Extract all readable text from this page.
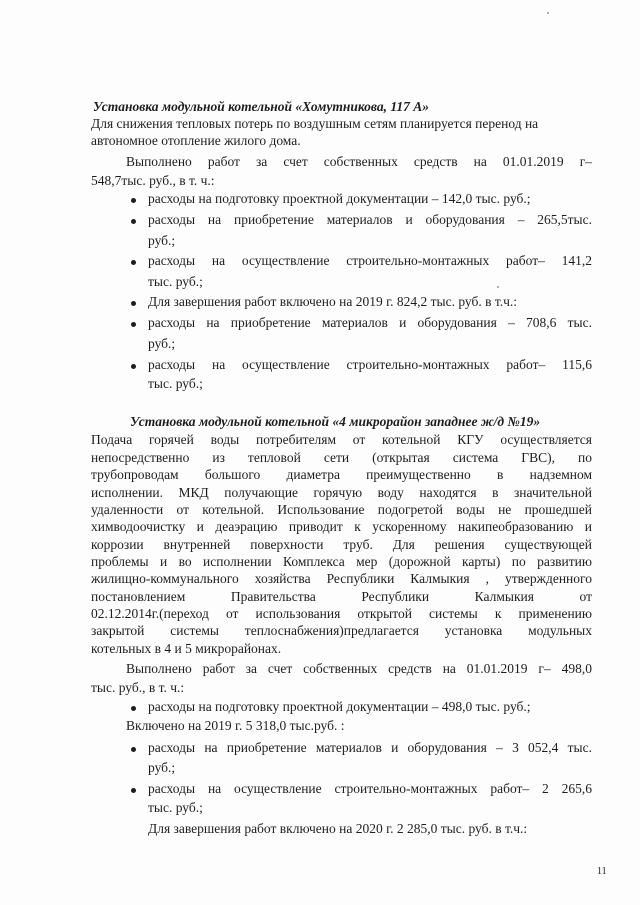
Установка модульной котельной «Хомутникова, 117 А»
Для снижения тепловых потерь по воздушным сетям планируется перенод на
автономное отопление жилого дома.
Выполнено работ за счет собственных средств на 01.01.2019 г–
548,7тыс. руб., в т. ч.:
расходы на подготовку проектной документации – 142,0 тыс. руб.;
расходы на приобретение материалов и оборудования – 265,5тыс.
руб.;
расходы на осуществление строительно-монтажных работ– 141,2
тыс. руб.;
Для завершения работ включено на 2019 г. 824,2 тыс. руб. в т.ч.:
расходы на приобретение материалов и оборудования – 708,6 тыс.
руб.;
расходы на осуществление строительно-монтажных работ– 115,6
тыс. руб.;
Установка модульной котельной «4 микрорайон западнее ж/д №19»
Подача горячей воды потребителям от котельной КГУ осуществляется
непосредственно из тепловой сети (открытая система ГВС), по
трубопроводам большого диаметра преимущественно в надземном
исполнении. МКД получающие горячую воду находятся в значительной
удаленности от котельной. Использование подогретой воды не прошедшей
химводоочистку и деаэрацию приводит к ускоренному накипеобразованию и
коррозии внутренней поверхности труб. Для решения существующей
проблемы и во исполнении Комплекса мер (дорожной карты) по развитию
жилищно-коммунального хозяйства Республики Калмыкия , утвержденного
постановлением Правительства Республики Калмыкия от
02.12.2014г.(переход от использования открытой системы к применению
закрытой системы теплоснабжения)предлагается установка модульных
котельных в 4 и 5 микрорайонах.
Выполнено работ за счет собственных средств на 01.01.2019 г– 498,0
тыс. руб., в т. ч.:
расходы на подготовку проектной документации – 498,0 тыс. руб.;
Включено на 2019 г. 5 318,0 тыс.руб. :
расходы на приобретение материалов и оборудования – 3 052,4 тыс.
руб.;
расходы на осуществление строительно-монтажных работ– 2 265,6
тыс. руб.;
Для завершения работ включено на 2020 г. 2 285,0 тыс. руб. в т.ч.:
11
